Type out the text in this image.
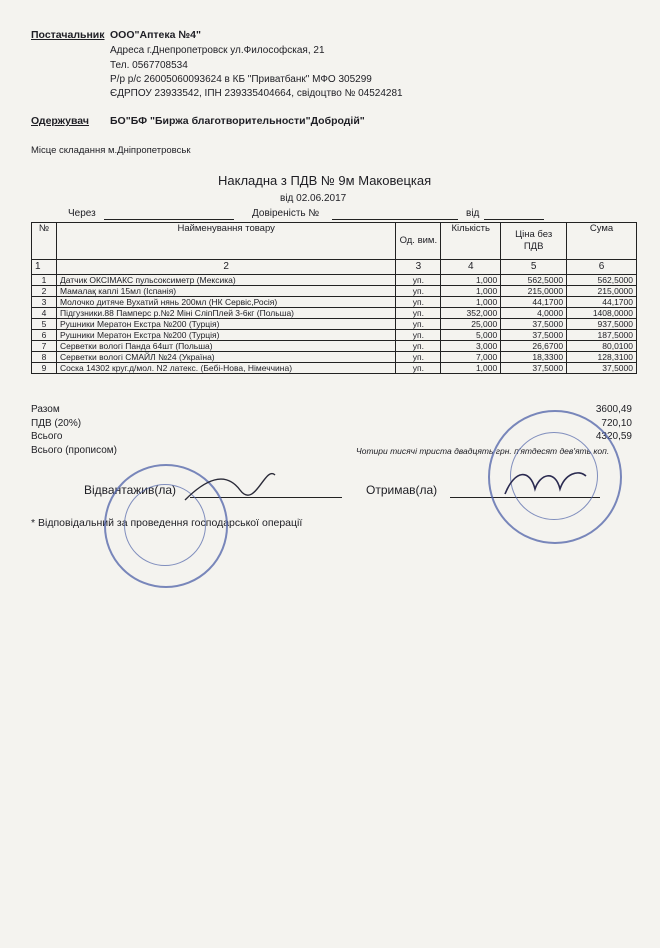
Постачальник ООО"Аптека №4"
Адреса г.Днепропетровск ул.Философская, 21
Тел. 0567708534
Р/р р/с 26005060093624 в КБ "Приватбанк" МФО 305299
ЄДРПОУ 23933542, ІПН 239335404664, свідоцтво № 04524281
Одержувач БО"БФ "Биржа благотворительности"Добродій"
Місце складання м.Дніпропетровськ
Накладна з ПДВ № 9м Маковецкая
від 02.06.2017
Через	Довіреність №	від
№	Найменування товару	Од. вим.	Кількість	Ціна без ПДВ	Сума
1	2	3	4	5	6
1	Датчик ОКСІМАКС пульсоксиметр (Мексика)	уп.	1,000	562,5000	562,5000
2	Мамалақ каплі 15мл (Іспанія)	уп.	1,000	215,0000	215,0000
3	Молочко дитяче Вухатий нянь 200мл (НК Сервіс,Росія)	уп.	1,000	44,1700	44,1700
4	Підгузники.88 Памперс р.№2 Міні СліпПлей 3-6кг (Польша)	уп.	352,000	4,0000	1408,0000
5	Рушники Мератон Екстра №200 (Турція)	уп.	25,000	37,5000	937,5000
6	Рушники Мератон Екстра №200 (Турція)	уп.	5,000	37,5000	187,5000
7	Серветки вологі Панда 64шт (Польша)	уп.	3,000	26,6700	80,0100
8	Серветки вологі СМАЙЛ №24 (Україна)	уп.	7,000	18,3300	128,3100
9	Соска 14302 круг.д/мол. N2 латекс. (Бебі-Нова, Німеччина)	уп.	1,000	37,5000	37,5000
Разом	3600,49
ПДВ (20%)	720,10
Всього	4320,59
Всього (прописом)	Чотири тисячі триста двадцять грн. п'ятдесят дев'ять коп.
Відвантажив(ла)	Отримав(ла)
* Відповідальний за проведення господарської операції
